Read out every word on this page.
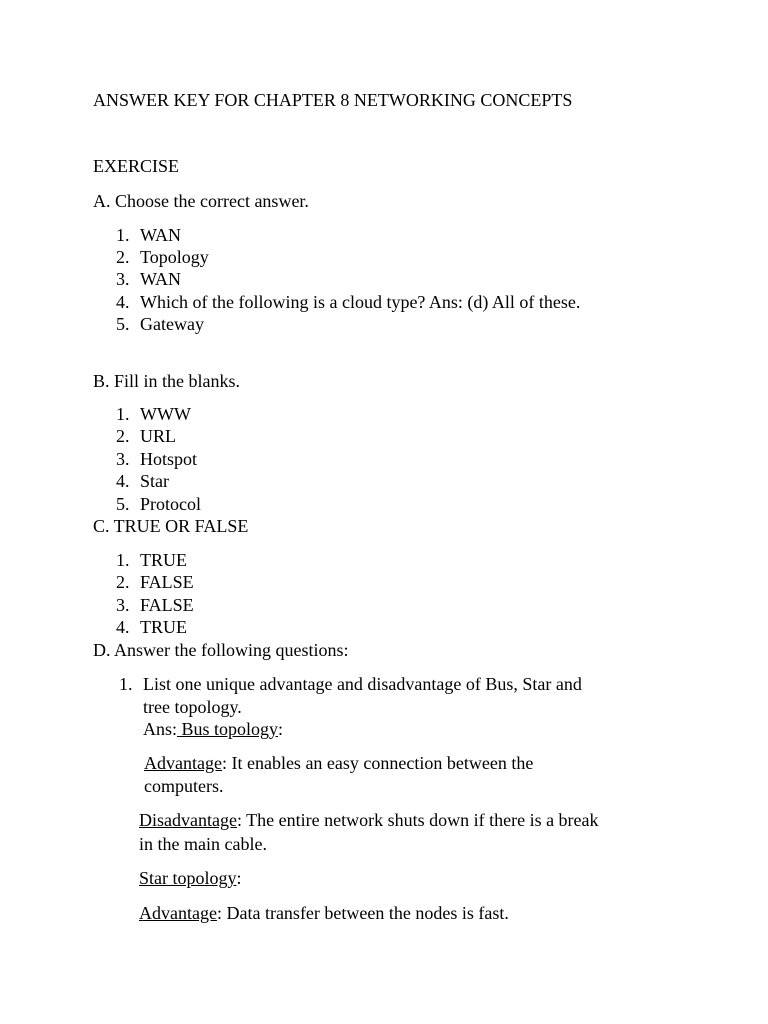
ANSWER KEY FOR CHAPTER 8 NETWORKING CONCEPTS
EXERCISE
A. Choose the correct answer.
1. WAN
2. Topology
3. WAN
4. Which of the following is a cloud type? Ans: (d) All of these.
5. Gateway
B. Fill in the blanks.
1. WWW
2. URL
3. Hotspot
4. Star
5. Protocol
C. TRUE OR FALSE
1. TRUE
2. FALSE
3. FALSE
4. TRUE
D. Answer the following questions:
1. List one unique advantage and disadvantage of Bus, Star and
tree topology.
Ans: Bus topology:
Advantage: It enables an easy connection between the
computers.
Disadvantage: The entire network shuts down if there is a break
in the main cable.
Star topology:
Advantage: Data transfer between the nodes is fast.
